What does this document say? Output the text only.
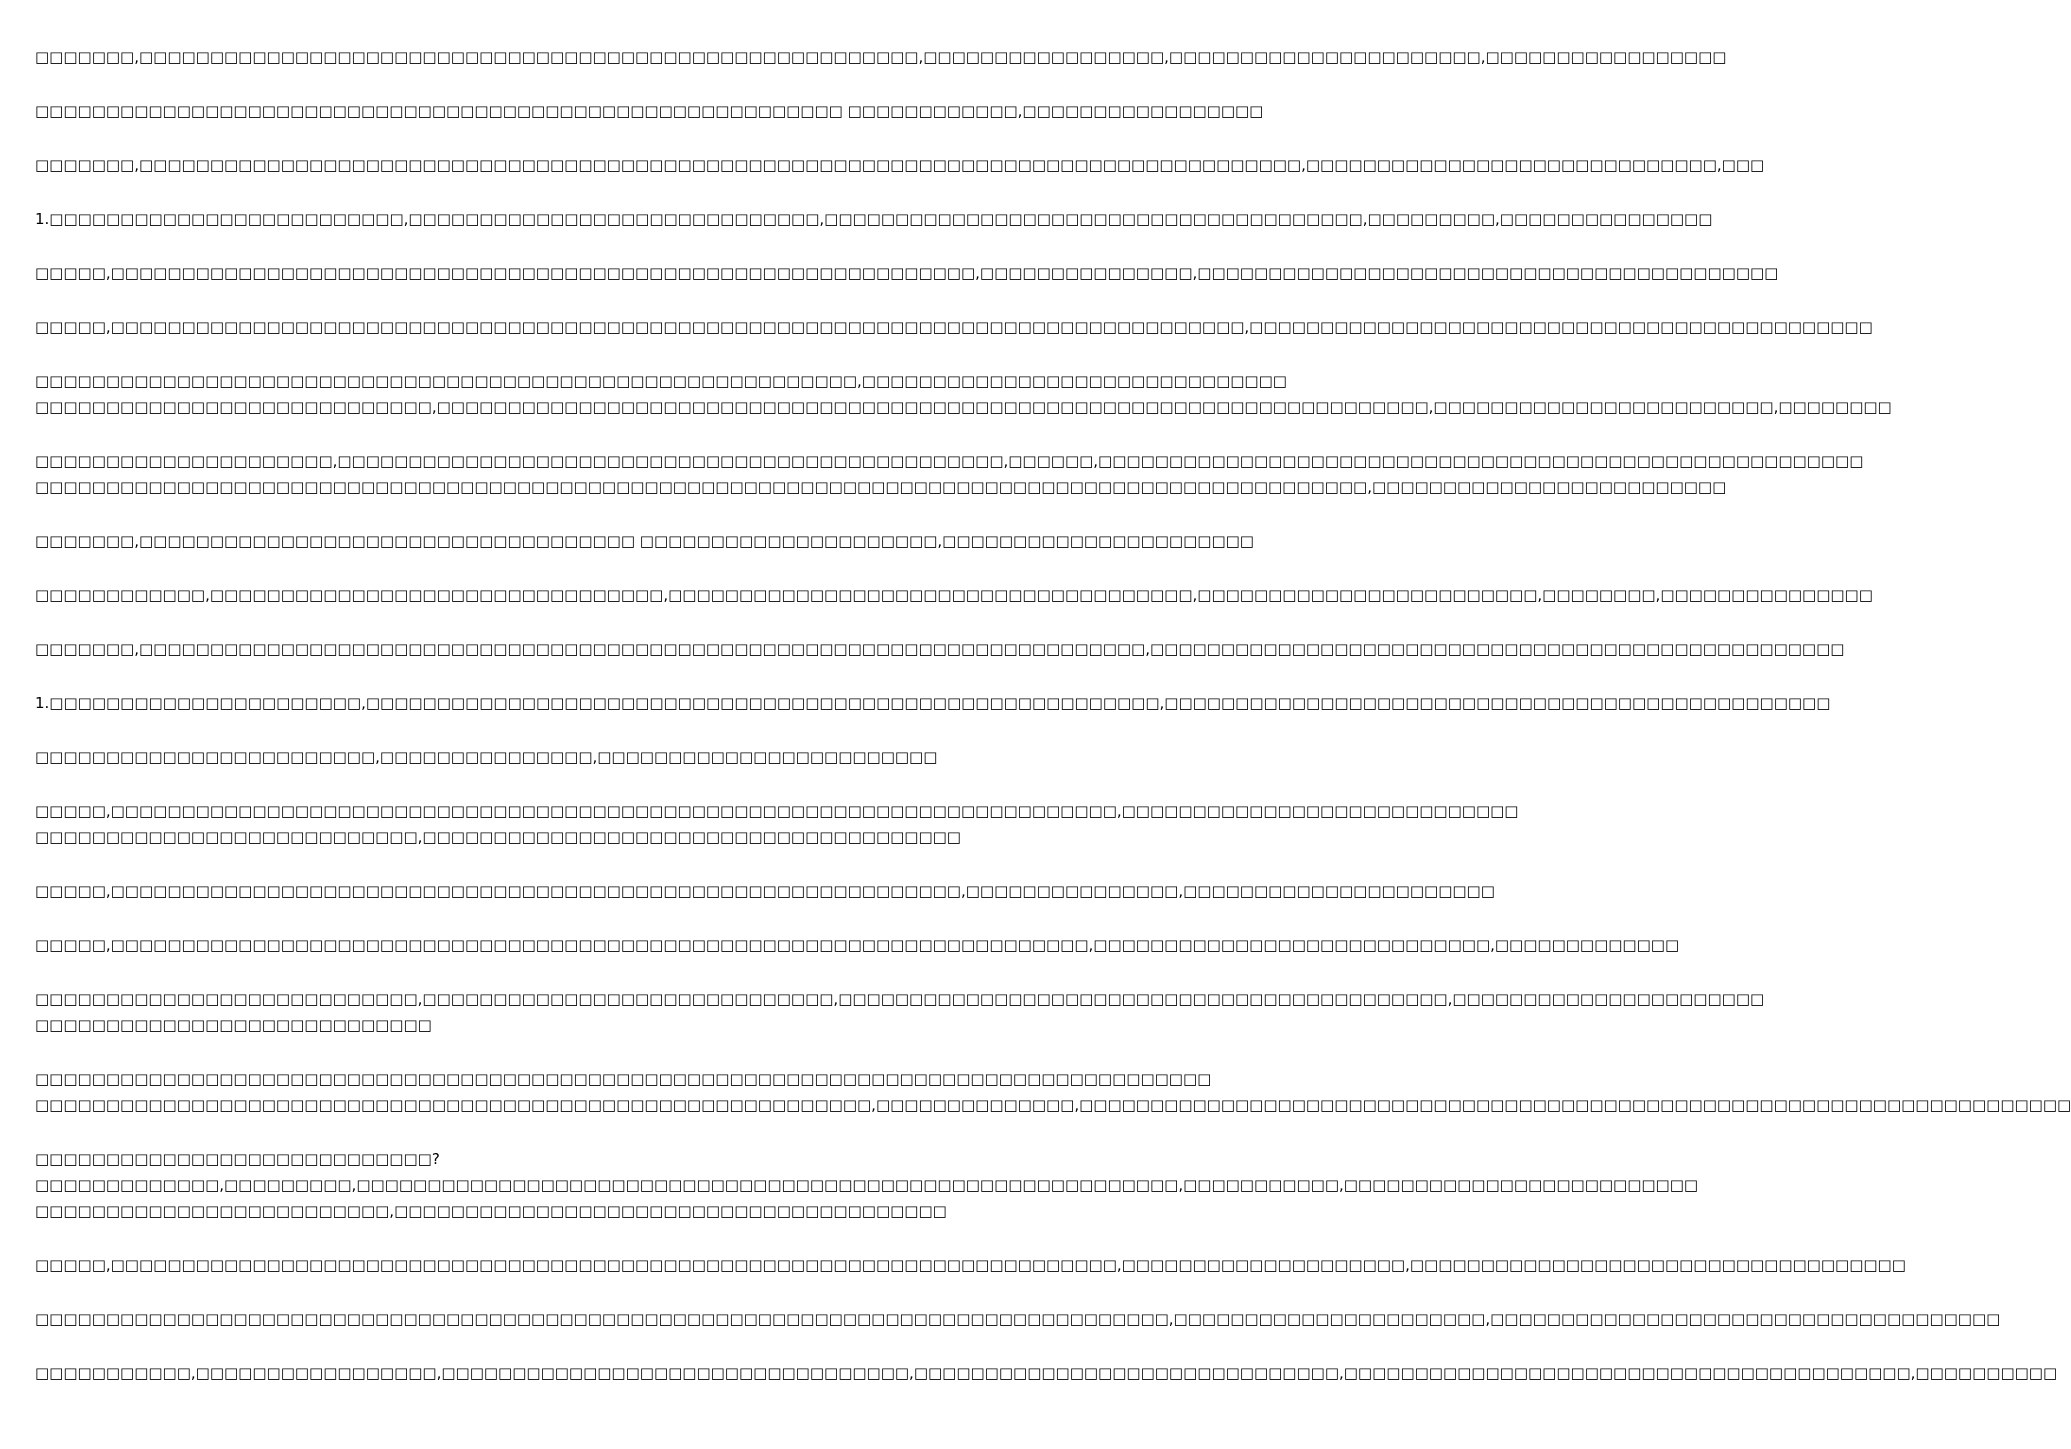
□□□□□□□,□□□□□□□□□□□□□□□□□□□□□□□□□□□□□□□□□□□□□□□□□□□□□□□□□□□□□□□,□□□□□□□□□□□□□□□□□,□□□□□□□□□□□□□□□□□□□□□□,□□□□□□□□□□□□□□□□□
□□□□□□□□□□□□□□□□□□□□□□□□□□□□□□□□□□□□□□□□□□□□□□□□□□□□□□□□□ □□□□□□□□□□□□,□□□□□□□□□□□□□□□□□
□□□□□□□,□□□□□□□□□□□□□□□□□□□□□□□□□□□□□□□□□□□□□□□□□□□□□□□□□□□□□□□□□□□□□□□□□□□□□□□□□□□□□□□□□□,□□□□□□□□□□□□□□□□□□□□□□□□□□□□□,□□□
1.□□□□□□□□□□□□□□□□□□□□□□□□□,□□□□□□□□□□□□□□□□□□□□□□□□□□□□□,□□□□□□□□□□□□□□□□□□□□□□□□□□□□□□□□□□□□□□,□□□□□□□□□,□□□□□□□□□□□□□□□
□□□□□,□□□□□□□□□□□□□□□□□□□□□□□□□□□□□□□□□□□□□□□□□□□□□□□□□□□□□□□□□□□□□,□□□□□□□□□□□□□□□,□□□□□□□□□□□□□□□□□□□□□□□□□□□□□□□□□□□□□□□□□
□□□□□,□□□□□□□□□□□□□□□□□□□□□□□□□□□□□□□□□□□□□□□□□□□□□□□□□□□□□□□□□□□□□□□□□□□□□□□□□□□□□□□□,□□□□□□□□□□□□□□□□□□□□□□□□□□□□□□□□□□□□□□□□□□□□
□□□□□□□□□□□□□□□□□□□□□□□□□□□□□□□□□□□□□□□□□□□□□□□□□□□□□□□□□□,□□□□□□□□□□□□□□□□□□□□□□□□□□□□□□
□□□□□□□□□□□□□□□□□□□□□□□□□□□□,□□□□□□□□□□□□□□□□□□□□□□□□□□□□□□□□□□□□□□□□□□□□□□□□□□□□□□□□□□□□□□□□□□□□□□,□□□□□□□□□□□□□□□□□□□□□□□□,□□□□□□□□
□□□□□□□□□□□□□□□□□□□□□,□□□□□□□□□□□□□□□□□□□□□□□□□□□□□□□□□□□□□□□□□□□□□□□,□□□□□□,□□□□□□□□□□□□□□□□□□□□□□□□□□□□□□□□□□□□□□□□□□□□□□□□□□□□□□
□□□□□□□□□□□□□□□□□□□□□□□□□□□□□□□□□□□□□□□□□□□□□□□□□□□□□□□□□□□□□□□□□□□□□□□□□□□□□□□□□□□□□□□□□□□□□□,□□□□□□□□□□□□□□□□□□□□□□□□□
□□□□□□□,□□□□□□□□□□□□□□□□□□□□□□□□□□□□□□□□□□□ □□□□□□□□□□□□□□□□□□□□□,□□□□□□□□□□□□□□□□□□□□□□
□□□□□□□□□□□□,□□□□□□□□□□□□□□□□□□□□□□□□□□□□□□□□,□□□□□□□□□□□□□□□□□□□□□□□□□□□□□□□□□□□□□,□□□□□□□□□□□□□□□□□□□□□□□□,□□□□□□□□,□□□□□□□□□□□□□□□
□□□□□□□,□□□□□□□□□□□□□□□□□□□□□□□□□□□□□□□□□□□□□□□□□□□□□□□□□□□□□□□□□□□□□□□□□□□□□□□,□□□□□□□□□□□□□□□□□□□□□□□□□□□□□□□□□□□□□□□□□□□□□□□□□
1.□□□□□□□□□□□□□□□□□□□□□□,□□□□□□□□□□□□□□□□□□□□□□□□□□□□□□□□□□□□□□□□□□□□□□□□□□□□□□□□,□□□□□□□□□□□□□□□□□□□□□□□□□□□□□□□□□□□□□□□□□□□□□□□
□□□□□□□□□□□□□□□□□□□□□□□□,□□□□□□□□□□□□□□□,□□□□□□□□□□□□□□□□□□□□□□□□
□□□□□,□□□□□□□□□□□□□□□□□□□□□□□□□□□□□□□□□□□□□□□□□□□□□□□□□□□□□□□□□□□□□□□□□□□□□□□,□□□□□□□□□□□□□□□□□□□□□□□□□□□□
□□□□□□□□□□□□□□□□□□□□□□□□□□□,□□□□□□□□□□□□□□□□□□□□□□□□□□□□□□□□□□□□□□
□□□□□,□□□□□□□□□□□□□□□□□□□□□□□□□□□□□□□□□□□□□□□□□□□□□□□□□□□□□□□□□□□□,□□□□□□□□□□□□□□□,□□□□□□□□□□□□□□□□□□□□□□
□□□□□,□□□□□□□□□□□□□□□□□□□□□□□□□□□□□□□□□□□□□□□□□□□□□□□□□□□□□□□□□□□□□□□□□□□□□,□□□□□□□□□□□□□□□□□□□□□□□□□□□□,□□□□□□□□□□□□□
□□□□□□□□□□□□□□□□□□□□□□□□□□□,□□□□□□□□□□□□□□□□□□□□□□□□□□□□□,□□□□□□□□□□□□□□□□□□□□□□□□□□□□□□□□□□□□□□□□□□□,□□□□□□□□□□□□□□□□□□□□□□
□□□□□□□□□□□□□□□□□□□□□□□□□□□□
□□□□□□□□□□□□□□□□□□□□□□□□□□□□□□□□□□□□□□□□□□□□□□□□□□□□□□□□□□□□□□□□□□□□□□□□□□□□□□□□□□□
□□□□□□□□□□□□□□□□□□□□□□□□□□□□□□□□□□□□□□□□□□□□□□□□□□□□□□□□□□□,□□□□□□□□□□□□□□,□□□□□□□□□□□□□□□□□□□□□□□□□□□□□□□□□□□□□□□□□□□□□□□□□□□□□□□□□□□□□□□□□□□□□□
□□□□□□□□□□□□□□□□□□□□□□□□□□□□?
□□□□□□□□□□□□□,□□□□□□□□□,□□□□□□□□□□□□□□□□□□□□□□□□□□□□□□□□□□□□□□□□□□□□□□□□□□□□□□□□□□,□□□□□□□□□□□,□□□□□□□□□□□□□□□□□□□□□□□□□
□□□□□□□□□□□□□□□□□□□□□□□□□,□□□□□□□□□□□□□□□□□□□□□□□□□□□□□□□□□□□□□□□
□□□□□,□□□□□□□□□□□□□□□□□□□□□□□□□□□□□□□□□□□□□□□□□□□□□□□□□□□□□□□□□□□□□□□□□□□□□□□,□□□□□□□□□□□□□□□□□□□□,□□□□□□□□□□□□□□□□□□□□□□□□□□□□□□□□□□□
□□□□□□□□□□□□□□□□□□□□□□□□□□□□□□□□□□□□□□□□□□□□□□□□□□□□□□□□□□□□□□□□□□□□□□□□□□□□□□□□,□□□□□□□□□□□□□□□□□□□□□□,□□□□□□□□□□□□□□□□□□□□□□□□□□□□□□□□□□□□
□□□□□□□□□□□,□□□□□□□□□□□□□□□□□,□□□□□□□□□□□□□□□□□□□□□□□□□□□□□□□□□,□□□□□□□□□□□□□□□□□□□□□□□□□□□□□□,□□□□□□□□□□□□□□□□□□□□□□□□□□□□□□□□□□□□□□□□,□□□□□□□□□□
